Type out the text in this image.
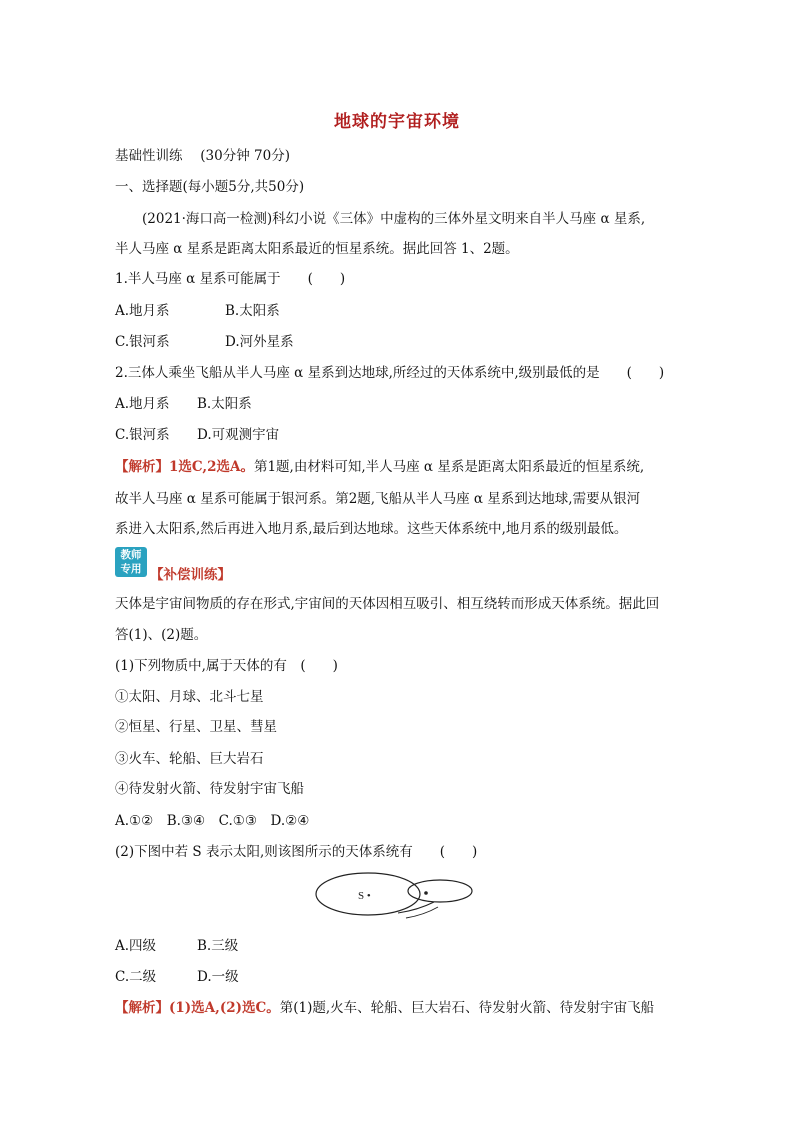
地球的宇宙环境
基础性训练　 (30分钟 70分)
一、选择题(每小题5分,共50分)
(2021·海口高一检测)科幻小说《三体》中虚构的三体外星文明来自半人马座 α 星系,
半人马座 α 星系是距离太阳系最近的恒星系统。据此回答 1、2题。
1.半人马座 α 星系可能属于　　(　　)
A.地月系	B.太阳系
C.银河系	D.河外星系
2.三体人乘坐飞船从半人马座 α 星系到达地球,所经过的天体系统中,级别最低的是　　(　　)
A.地月系 B.太阳系
C.银河系 D.可观测宇宙
【解析】1选C,2选A。第1题,由材料可知,半人马座 α 星系是距离太阳系最近的恒星系统,
故半人马座 α 星系可能属于银河系。第2题,飞船从半人马座 α 星系到达地球,需要从银河
系进入太阳系,然后再进入地月系,最后到达地球。这些天体系统中,地月系的级别最低。
教师
专用 【补偿训练】
天体是宇宙间物质的存在形式,宇宙间的天体因相互吸引、相互绕转而形成天体系统。据此回
答(1)、(2)题。
(1)下列物质中,属于天体的有　(　　)
①太阳、月球、北斗七星
②恒星、行星、卫星、彗星
③火车、轮船、巨大岩石
④待发射火箭、待发射宇宙飞船
A.①②　B.③④　C.①③　D.②④
(2)下图中若 S 表示太阳,则该图所示的天体系统有　　(　　)
S •
A.四级	B.三级
C.二级	D.一级
【解析】(1)选A,(2)选C。第(1)题,火车、轮船、巨大岩石、待发射火箭、待发射宇宙飞船
